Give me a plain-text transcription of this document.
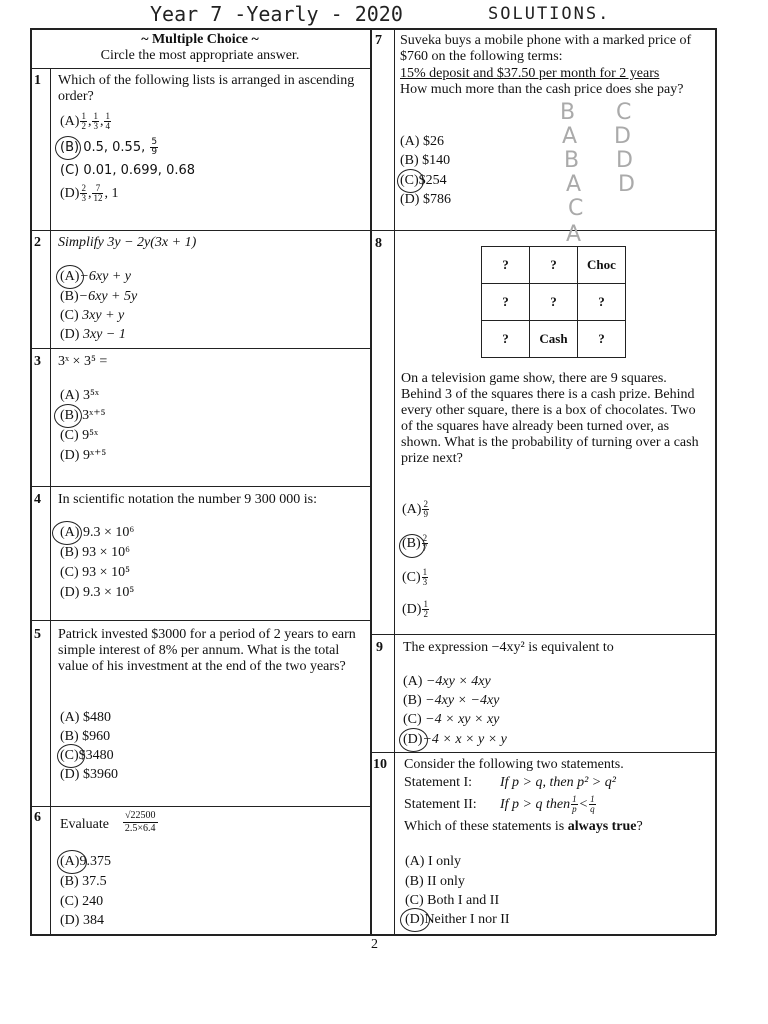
Year 7 -Yearly - 2020	SOLUTIONS.
~ Multiple Choice ~
Circle the most appropriate answer.
1 Which of the following lists is arranged in ascending order?
$(A) \frac{1}{2}$ , $\frac{1}{3}$ , $\frac{1}{4}$
(B) 0.5, 0.55, $\frac{5}{9}$
(C) 0.01, 0.699, 0.68
$(D) \frac{2}{3}$ , $\frac{7}{12}$ , 1
2 Simplify 3y − 2y(3x + 1)
(A)−6xy + y
(B)−6xy + 5y
(C) 3xy + y
(D) 3xy − 1
3 3ˣ × 3⁵ =
(A) 3⁵ˣ
(B) 3ˣ⁺⁵
(C) 9⁵ˣ
(D) 9ˣ⁺⁵
4 In scientific notation the number 9 300 000 is:
(A) 9.3 × 10⁶
(B) 93 × 10⁶
(C) 93 × 10⁵
(D) 9.3 × 10⁵
5 Patrick invested $3000 for a period of 2 years to earn simple interest of 8% per annum. What is the total value of his investment at the end of the two years?
(A) $480
(B) $960
(C)$3480
(D) $3960
6 Evaluate
√22500
2.5×6.4
(A)9.375
(B) 37.5
(C) 240
(D) 384
7 Suveka buys a mobile phone with a marked price of $760 on the following terms:
15% deposit and $37.50 per month for 2 years
How much more than the cash price does she pay?
(A) $26
(B) $140
(C)$254
(D) $786
B
A
B
A
C
A
C
D
D
D
8
?	?	Choc
?	?	?
?	Cash	?
On a television game show, there are 9 squares. Behind 3 of the squares there is a cash prize. Behind every other square, there is a box of chocolates. Two of the squares have already been turned over, as shown. What is the probability of turning over a cash prize next?
$(A) \frac{2}{9}$
$(B) \frac{2}{7}$
$(C) \frac{1}{3}$
$(D) \frac{1}{2}$
9 The expression −4xy² is equivalent to
(A) −4xy × 4xy
(B) −4xy × −4xy
(C) −4 × xy × xy
(D)−4 × x × y × y
10 Consider the following two statements.
Statement I: If p > q, then p² > q²
Statement II: If p > q then $\frac{1}{p} < \frac{1}{q}$
Which of these statements is always true?
(A) I only
(B) II only
(C) Both I and II
(D)Neither I nor II
2
